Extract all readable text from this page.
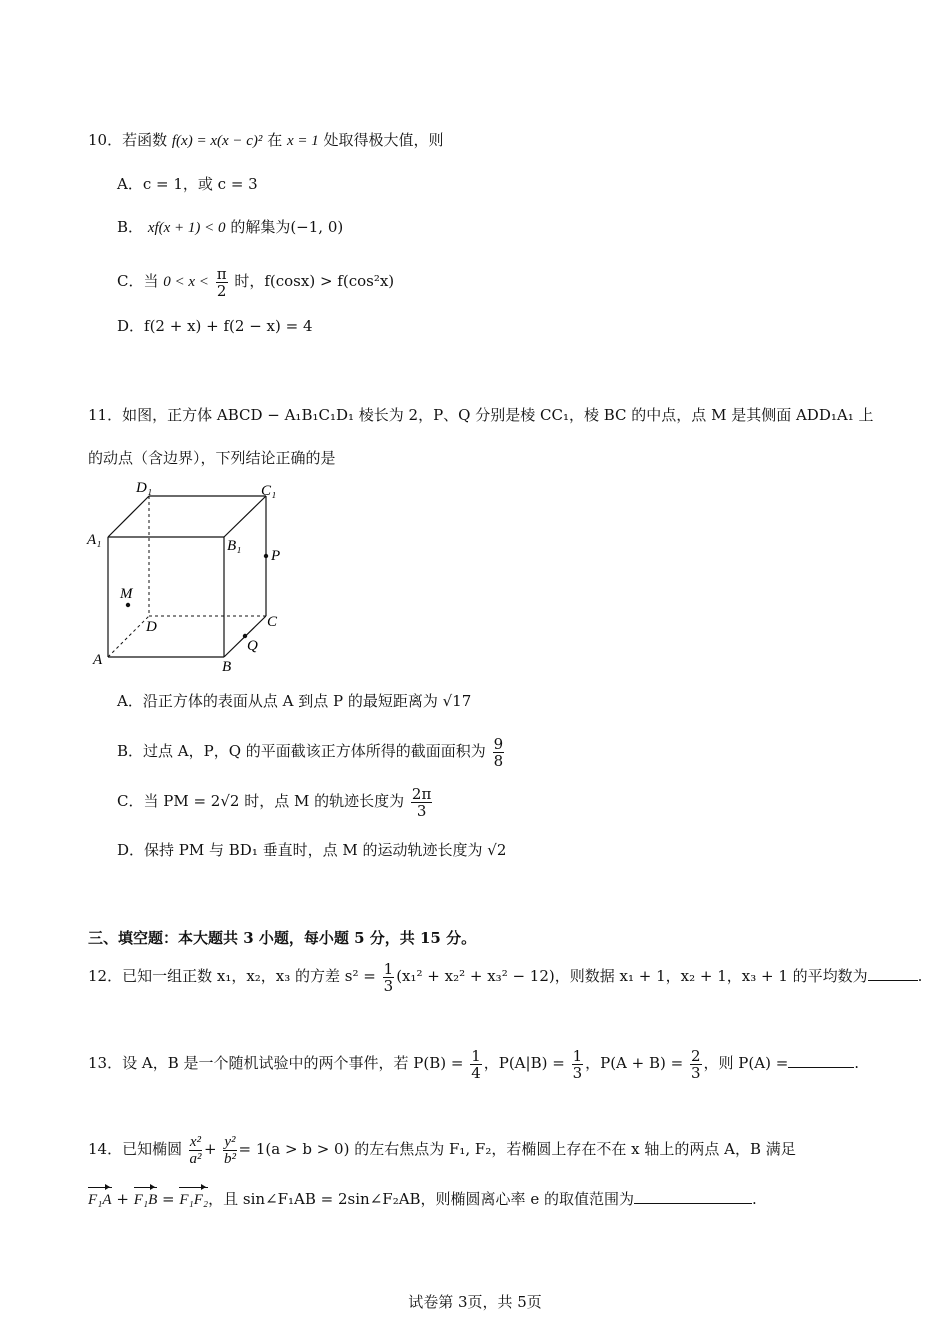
10．若函数 f(x) = x(x − c)² 在 x = 1 处取得极大值，则
A．c = 1，或 c = 3
B． xf(x + 1) < 0 的解集为(−1, 0)
C．当 $0 < x < \frac{\pi}{2}$ 时，f(cosx) > f(cos²x)
D．f(2 + x) + f(2 − x) = 4
11．如图，正方体 ABCD − A₁B₁C₁D₁ 棱长为 2，P、Q 分别是棱 CC₁，棱 BC 的中点，点 M 是其侧面 ADD₁A₁ 上
的动点（含边界），下列结论正确的是
D₁	C₁
A₁	B₁
P
M
D	C
Q
A	B
A．沿正方体的表面从点 A 到点 P 的最短距离为 √17
B．过点 A，P，Q 的平面截该正方体所得的截面面积为 $\frac{9}{8}$
C．当 PM = 2√2 时，点 M 的轨迹长度为 $\frac{2\pi}{3}$
D．保持 PM 与 BD₁ 垂直时，点 M 的运动轨迹长度为 √2
三、填空题：本大题共 3 小题，每小题 5 分，共 15 分。
12．已知一组正数 x₁，x₂，x₃ 的方差 $s^2 = \frac{1}{3} (x_1^2 + x_2^2 + x_3^2 - 12)$，则数据 x₁ + 1，x₂ + 1，x₃ + 1 的平均数为	.
13．设 A，B 是一个随机试验中的两个事件，若 $P(B) = \frac{1}{4}$ ，$P(A|B) = \frac{1}{3}$ ，$P(A + B) = \frac{2}{3}$ ，则 P(A) =	.
14．已知椭圆 $\frac{\text{x²}}{\text{a²}} + \frac{\text{y²}}{\text{b²}} = 1(a > b > 0)$ 的左右焦点为 F₁, F₂，若椭圆上存在不在 x 轴上的两点 A，B 满足
F₁A + F₁B = F₁F₂，且 sin∠F₁AB = 2sin∠F₂AB，则椭圆离心率 e 的取值范围为	.
试卷第 3页，共 5页
